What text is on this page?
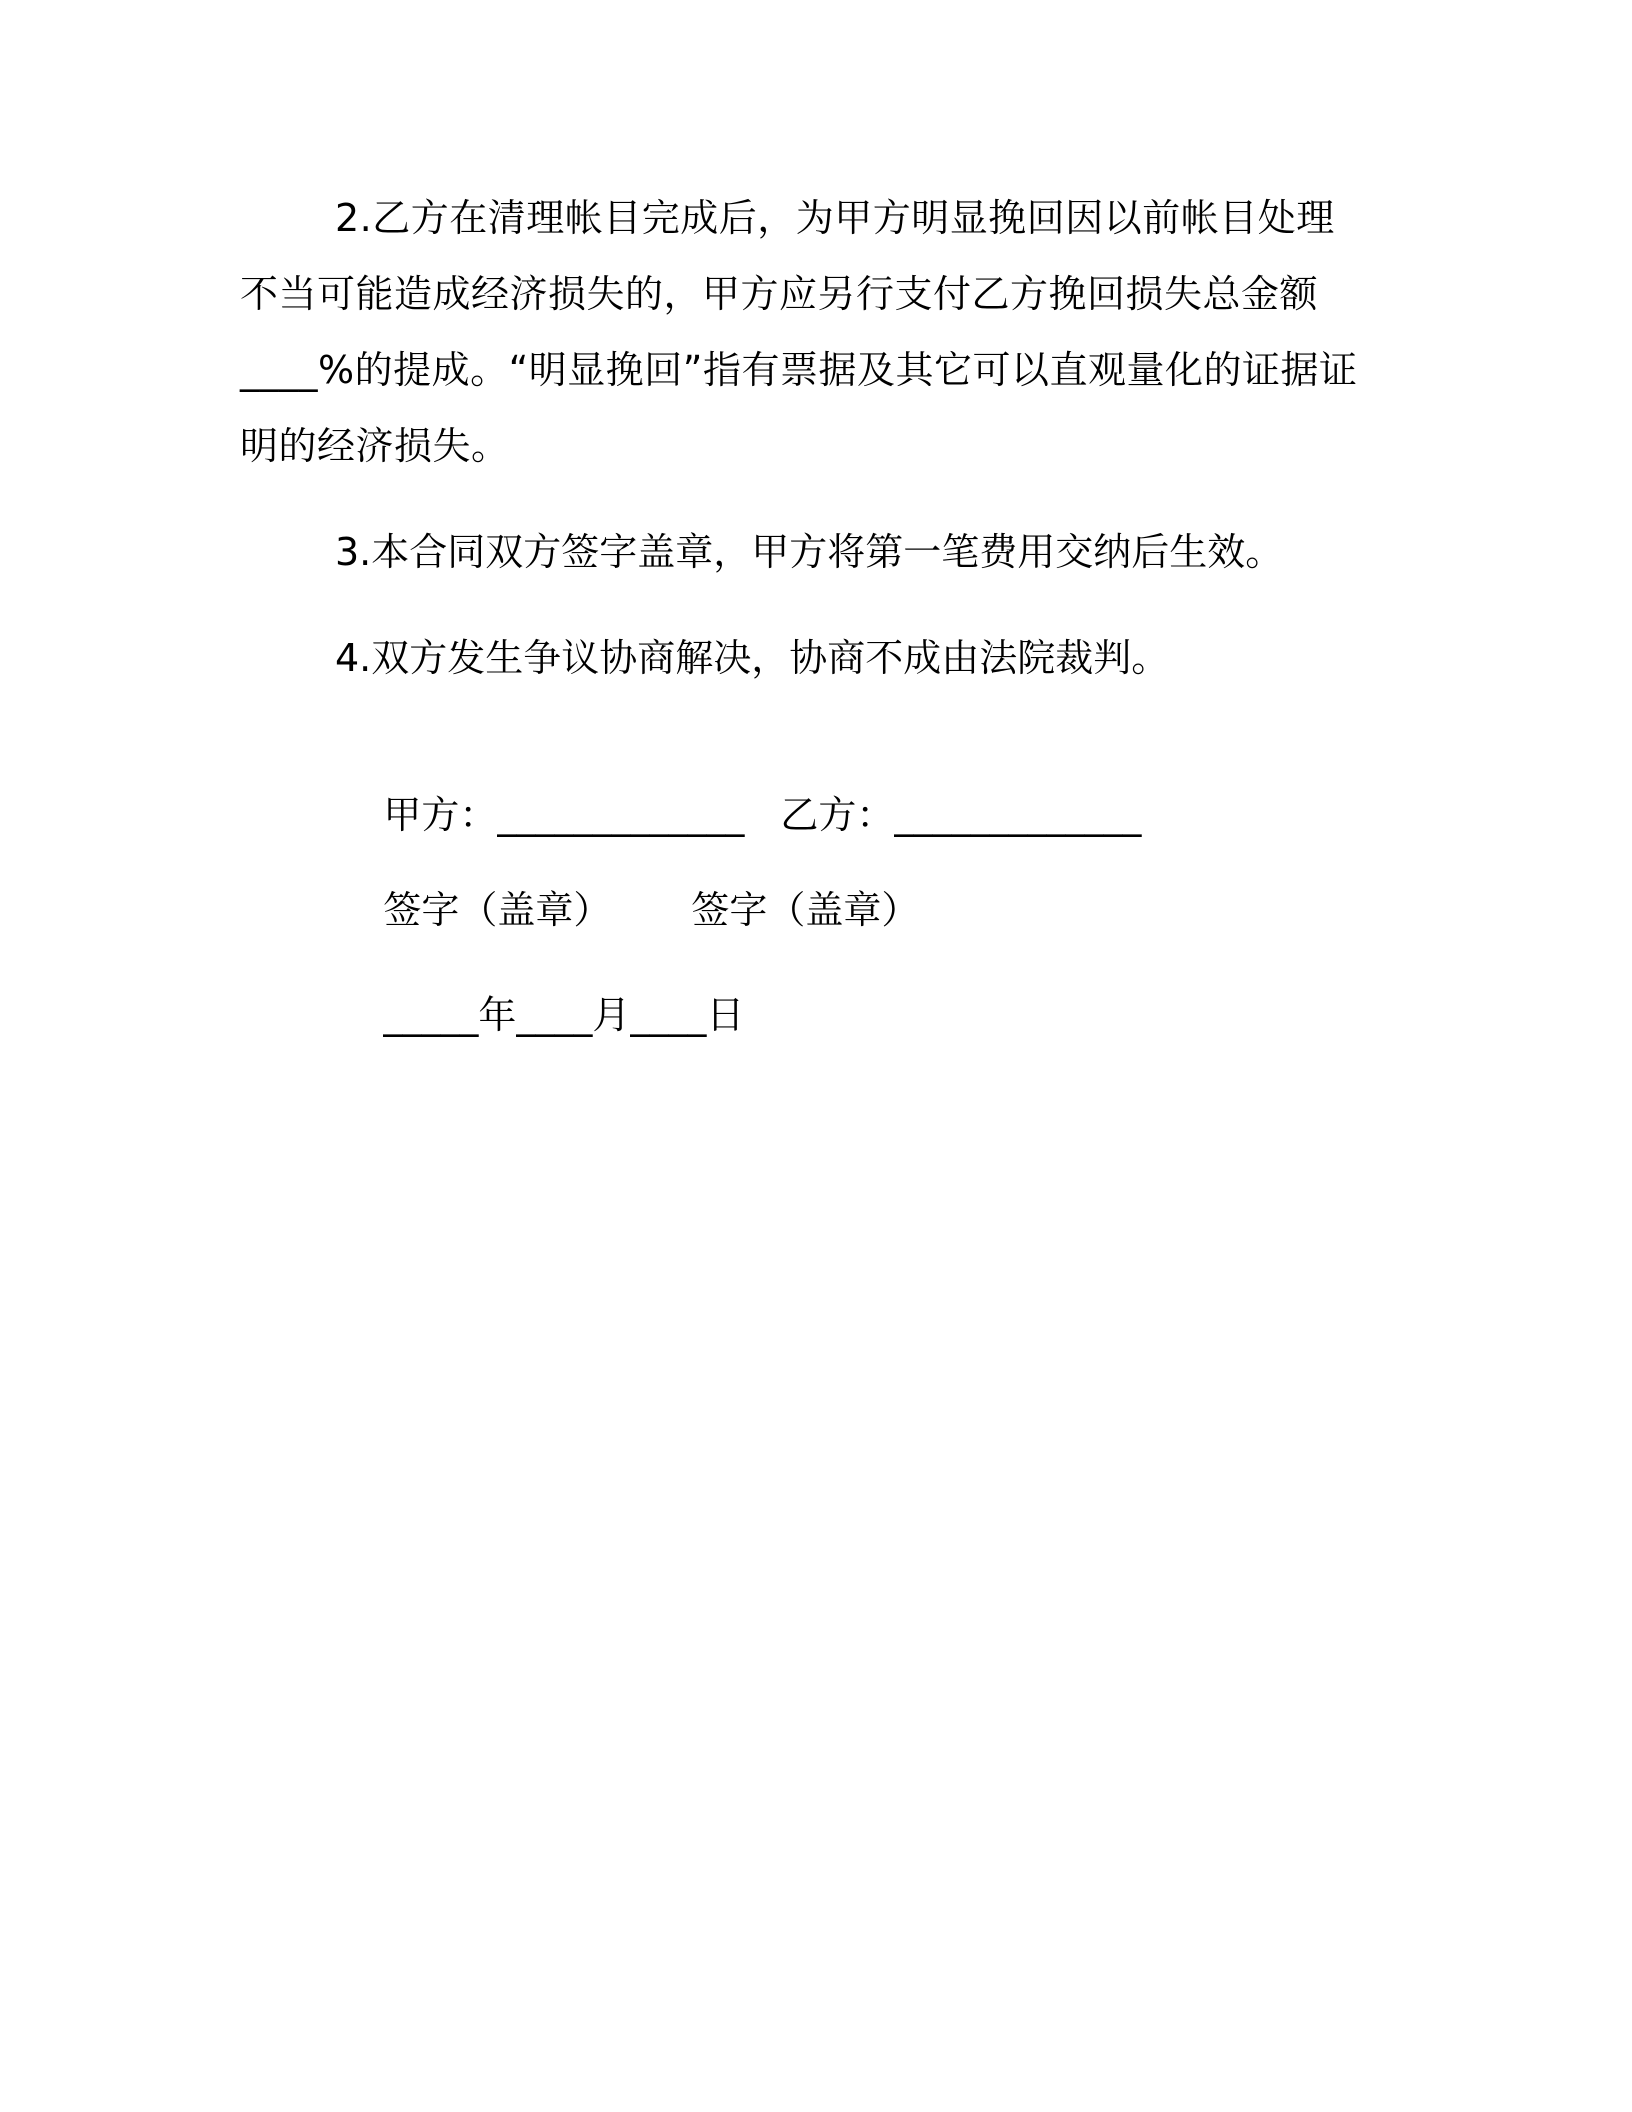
2.乙方在清理帐目完成后，为甲方明显挽回因以前帐目处理不当可能造成经济损失的，甲方应另行支付乙方挽回损失总金额____%的提成。“明显挽回”指有票据及其它可以直观量化的证据证明的经济损失。

3.本合同双方签字盖章，甲方将第一笔费用交纳后生效。

4.双方发生争议协商解决，协商不成由法院裁判。

甲方：_____________ 乙方：_____________

签字（盖章） 签字（盖章）

_____年____月____日
